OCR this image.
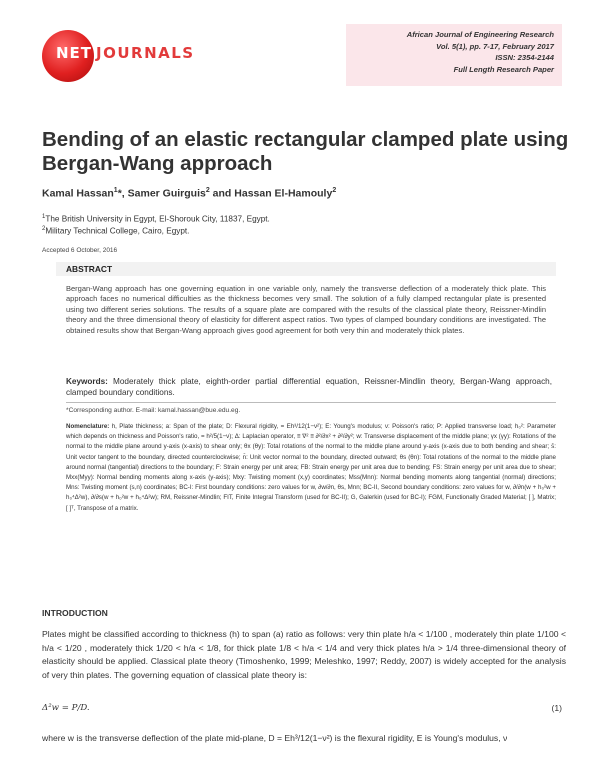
NET JOURNALS
African Journal of Engineering Research
Vol. 5(1), pp. 7-17, February 2017
ISSN: 2354-2144
Full Length Research Paper
Bending of an elastic rectangular clamped plate using Bergan-Wang approach
Kamal Hassan$^1$*, Samer Guirguis$^2$ and Hassan El-Hamouly$^2$
$^1$The British University in Egypt, El-Shorouk City, 11837, Egypt.
$^2$Military Technical College, Cairo, Egypt.
Accepted 6 October, 2016
ABSTRACT

Bergan-Wang approach has one governing equation in one variable only, namely the transverse deflection of a moderately thick plate. This approach faces no numerical difficulties as the thickness becomes very small. The solution of a fully clamped rectangular plate is presented using two different series solutions. The results of a square plate are compared with the results of the classical plate theory, Reissner-Mindlin theory and the three dimensional theory of elasticity for different aspect ratios. Two types of clamped boundary conditions are investigated. The obtained results show that Bergan-Wang approach gives good agreement for both very thin and moderately thick plates.

Keywords: Moderately thick plate, eighth-order partial differential equation, Reissner-Mindlin theory, Bergan-Wang approach, clamped boundary conditions.

*Corresponding author. E-mail: kamal.hassan@bue.edu.eg.

Nomenclature: h, Plate thickness; a: Span of the plate; D: Flexural rigidity, = Eh³/12(1−ν²); E: Young's modulus; ν: Poisson's ratio; P: Applied transverse load; h₀²: Parameter which depends on thickness and Poisson's ratio, = h²/5(1−ν); Δ: Laplacian operator, ≡ ∇² ≡ ∂²/∂x² + ∂²/∂y²; w: Transverse displacement of the middle plane; γx (γy): Rotations of the normal to the middle plane around y-axis (x-axis) to shear only; θx (θy): Total rotations of the normal to the middle plane around y-axis (x-axis due to both bending and shear; s̄: Unit vector tangent to the boundary, directed counterclockwise; n̄: Unit vector normal to the boundary, directed outward; θs (θn): Total rotations of the normal to the middle plane around normal (tangential) directions to the boundary; F: Strain energy per unit area; FB: Strain energy per unit area due to bending; FS: Strain energy per unit area due to shear; Mxx(Myy): Normal bending moments along x-axis (y-axis); Mxy: Twisting moment (x,y) coordinates; Mss(Mnn): Normal bending moments along tangential (normal) directions; Mns: Twisting moment (s,n) coordinates; BC-I: First boundary conditions: zero values for w, ∂w/∂n, θs, Mnn; BC-II, Second boundary conditions: zero values for w, ∂/∂n(w + h₀²w + h₀⁴Δ²w), ∂/∂s(w + h₀²w + h₀⁴Δ²w); RM, Reissner-Mindlin; FIT, Finite Integral Transform (used for BC-II); G, Galerkin (used for BC-I); FGM, Functionally Graded Material; [ ], Matrix; [ ]ᵀ, Transpose of a matrix.

INTRODUCTION

Plates might be classified according to thickness (h) to span (a) ratio as follows: very thin plate h/a < 1/100 , moderately thin plate 1/100 < h/a < 1/20 , moderately thick 1/20 < h/a < 1/8, for thick plate 1/8 < h/a < 1/4 and very thick plates h/a > 1/4 three-dimensional theory of elasticity should be applied. Classical plate theory (Timoshenko, 1999; Meleshko, 1997; Reddy, 2007) is widely accepted for the analysis of very thin plates. The governing equation of classical plate theory is:

Δ²w = P/D.	(1)

where w is the transverse deflection of the plate mid-plane, D = Eh³/12(1−ν²) is the flexural rigidity, E is Young's modulus, ν
